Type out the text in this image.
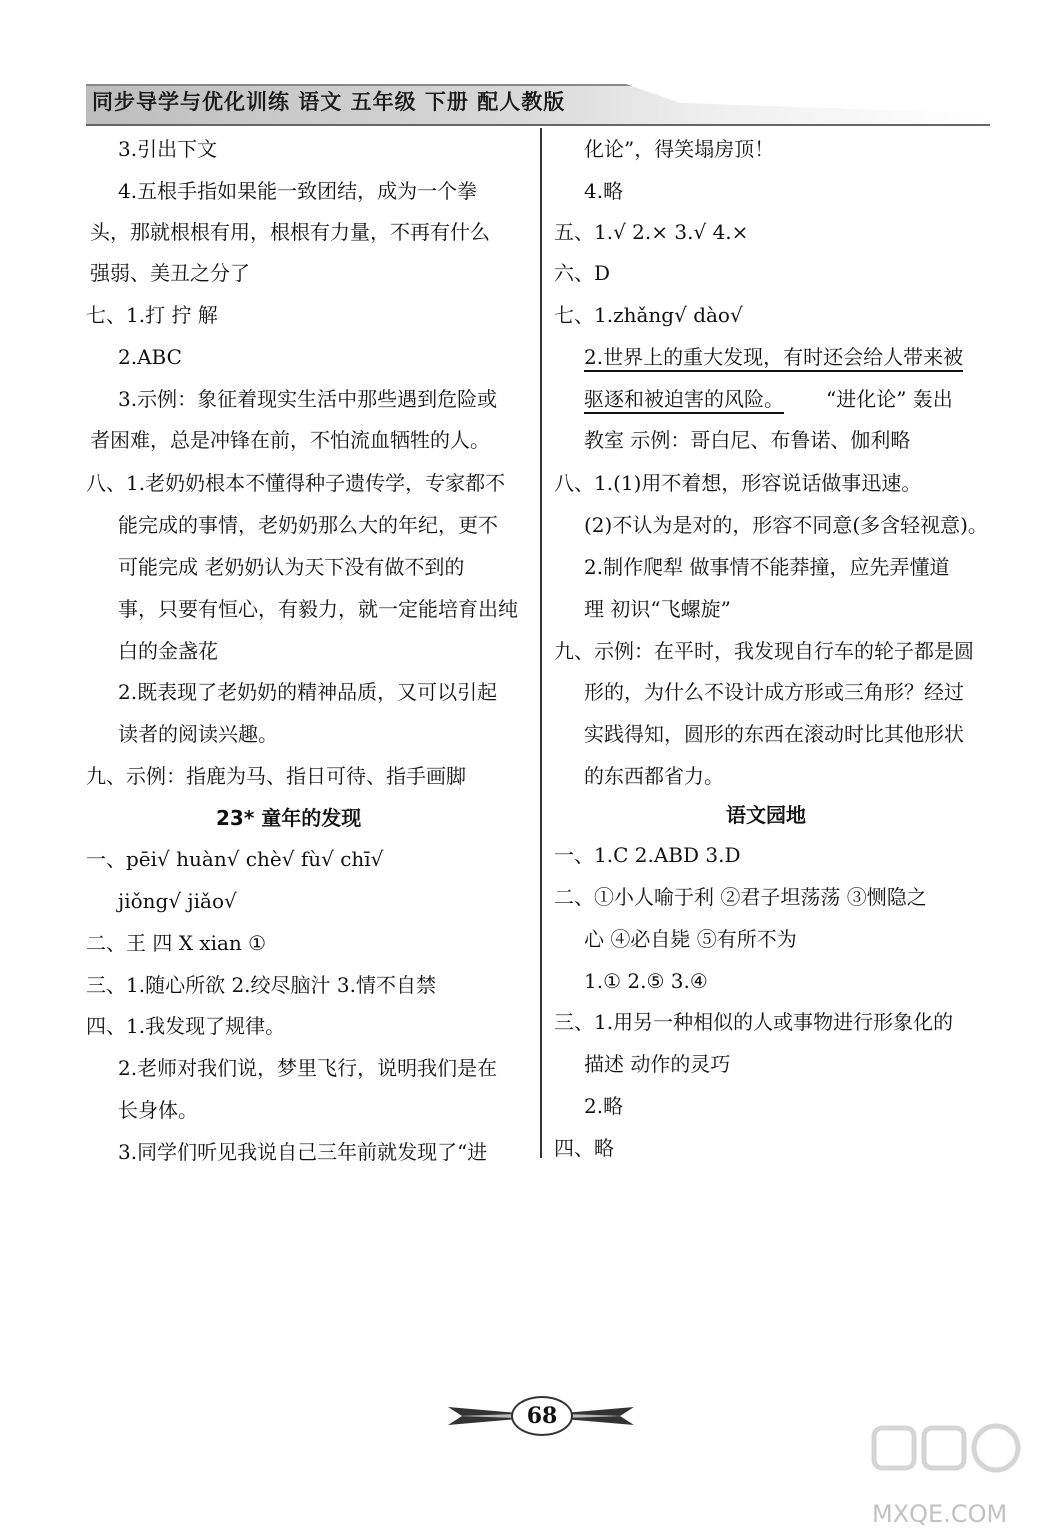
同步导学与优化训练 语文 五年级 下册 配人教版
3.引出下文
4.五根手指如果能一致团结，成为一个拳
头，那就根根有用，根根有力量，不再有什么
强弱、美丑之分了
七、1.打 拧 解
2.ABC
3.示例：象征着现实生活中那些遇到危险或
者困难，总是冲锋在前，不怕流血牺牲的人。
八、1.老奶奶根本不懂得种子遗传学，专家都不
能完成的事情，老奶奶那么大的年纪，更不
可能完成 老奶奶认为天下没有做不到的
事，只要有恒心，有毅力，就一定能培育出纯
白的金盏花
2.既表现了老奶奶的精神品质，又可以引起
读者的阅读兴趣。
九、示例：指鹿为马、指日可待、指手画脚
23* 童年的发现
一、pēi√ huàn√ chè√ fù√ chī√
jiǒng√ jiǎo√
二、王 四 X xian ①
三、1.随心所欲 2.绞尽脑汁 3.情不自禁
四、1.我发现了规律。
2.老师对我们说，梦里飞行，说明我们是在
长身体。
3.同学们听见我说自己三年前就发现了“进
化论”，得笑塌房顶！
4.略
五、1.√ 2.× 3.√ 4.×
六、D
七、1.zhǎng√ dào√
2.世界上的重大发现，有时还会给人带来被
驱逐和被迫害的风险。 “进化论” 轰出
教室 示例：哥白尼、布鲁诺、伽利略
八、1.(1)用不着想，形容说话做事迅速。
(2)不认为是对的，形容不同意(多含轻视意)。
2.制作爬犁 做事情不能莽撞，应先弄懂道
理 初识“飞螺旋”
九、示例：在平时，我发现自行车的轮子都是圆
形的，为什么不设计成方形或三角形？经过
实践得知，圆形的东西在滚动时比其他形状
的东西都省力。
语文园地
一、1.C 2.ABD 3.D
二、①小人喻于利 ②君子坦荡荡 ③恻隐之
心 ④必自毙 ⑤有所不为
1.① 2.⑤ 3.④
三、1.用另一种相似的人或事物进行形象化的
描述 动作的灵巧
2.略
四、略
68
MXQE.COM
